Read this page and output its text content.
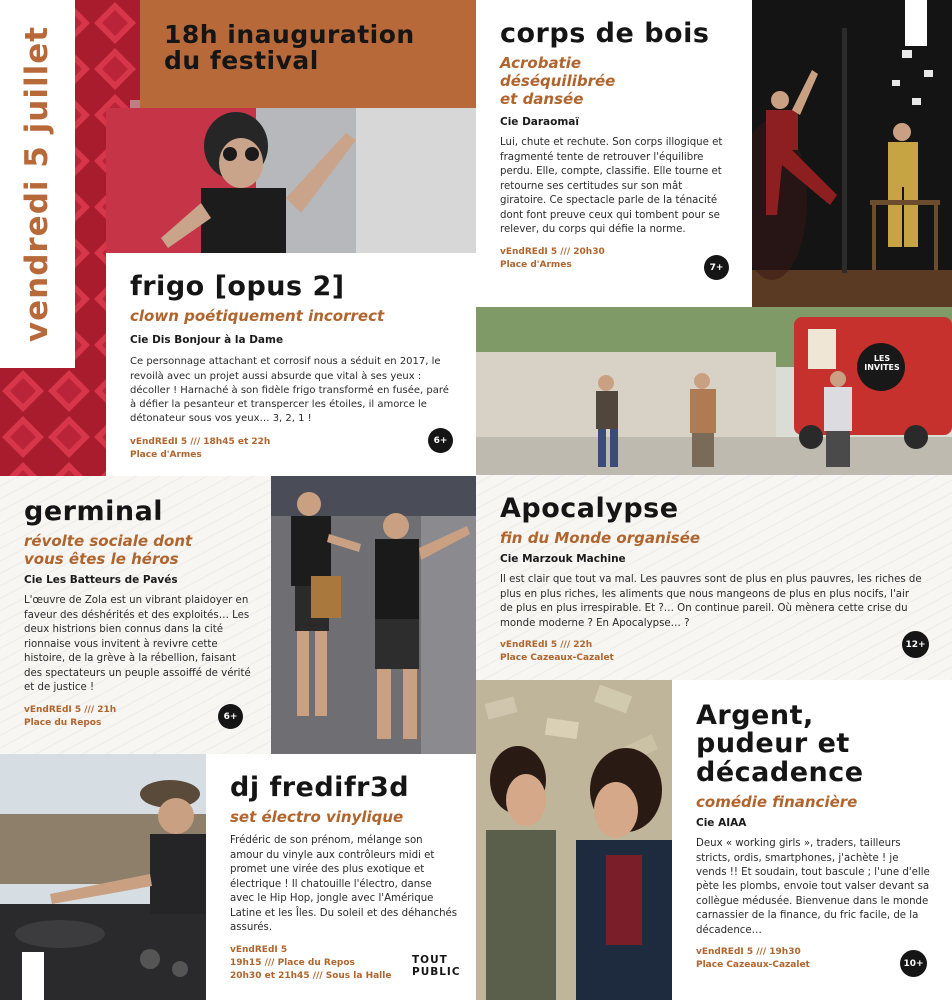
18h inauguration
du festival
vendredi 5 juillet	frigo [opus 2]
clown poétiquement incorrect
Cie Dis Bonjour à la Dame
Ce personnage attachant et corrosif nous a séduit en 2017, le revoilà avec un projet aussi absurde que vital à ses yeux : décoller ! Harnaché à son fidèle frigo transformé en fusée, paré à défier la pesanteur et transpercer les étoiles, il amorce le détonateur sous vos yeux… 3, 2, 1 !
vEndREdI 5 /// 18h45 et 22h
Place d'Armes
6+
corps de bois
Acrobatie
déséquilibrée
et dansée
Cie Daraomaï
Lui, chute et rechute. Son corps illogique et fragmenté tente de retrouver l'équilibre perdu. Elle, compte, classifie. Elle tourne et retourne ses certitudes sur son mât giratoire. Ce spectacle parle de la ténacité dont font preuve ceux qui tombent pour se relever, du corps qui défie la norme.
vEndREdI 5 /// 20h30
Place d'Armes	7+
LES INVITES
germinal
révolte sociale dont
vous êtes le héros
Cie Les Batteurs de Pavés
L'œuvre de Zola est un vibrant plaidoyer en faveur des déshérités et des exploités… Les deux histrions bien connus dans la cité rionnaise vous invitent à revivre cette histoire, de la grève à la rébellion, faisant des spectateurs un peuple assoiffé de vérité et de justice !
vEndREdI 5 /// 21h
Place du Repos
6+
Apocalypse
fin du Monde organisée
Cie Marzouk Machine
Il est clair que tout va mal. Les pauvres sont de plus en plus pauvres, les riches de plus en plus riches, les aliments que nous mangeons de plus en plus nocifs, l'air de plus en plus irrespirable. Et ?… On continue pareil. Où mènera cette crise du monde moderne ? En Apocalypse… ?
vEndREdI 5 /// 22h
Place Cazeaux-Cazalet
12+
dj fredifr3d
set électro vinylique
Frédéric de son prénom, mélange son amour du vinyle aux contrôleurs midi et promet une virée des plus exotique et électrique ! Il chatouille l'électro, danse avec le Hip Hop, jongle avec l'Amérique Latine et les Îles. Du soleil et des déhanchés assurés.
vEndREdI 5
19h15 /// Place du Repos
20h30 et 21h45 /// Sous la Halle
TOUT
PUBLIC
Argent,
pudeur et
décadence
comédie financière
Cie AIAA
Deux « working girls », traders, tailleurs stricts, ordis, smartphones, j'achète ! je vends !! Et soudain, tout bascule ; l'une d'elle pète les plombs, envoie tout valser devant sa collègue médusée. Bienvenue dans le monde carnassier de la finance, du fric facile, de la décadence…
vEndREdI 5 /// 19h30
Place Cazeaux-Cazalet	10+
